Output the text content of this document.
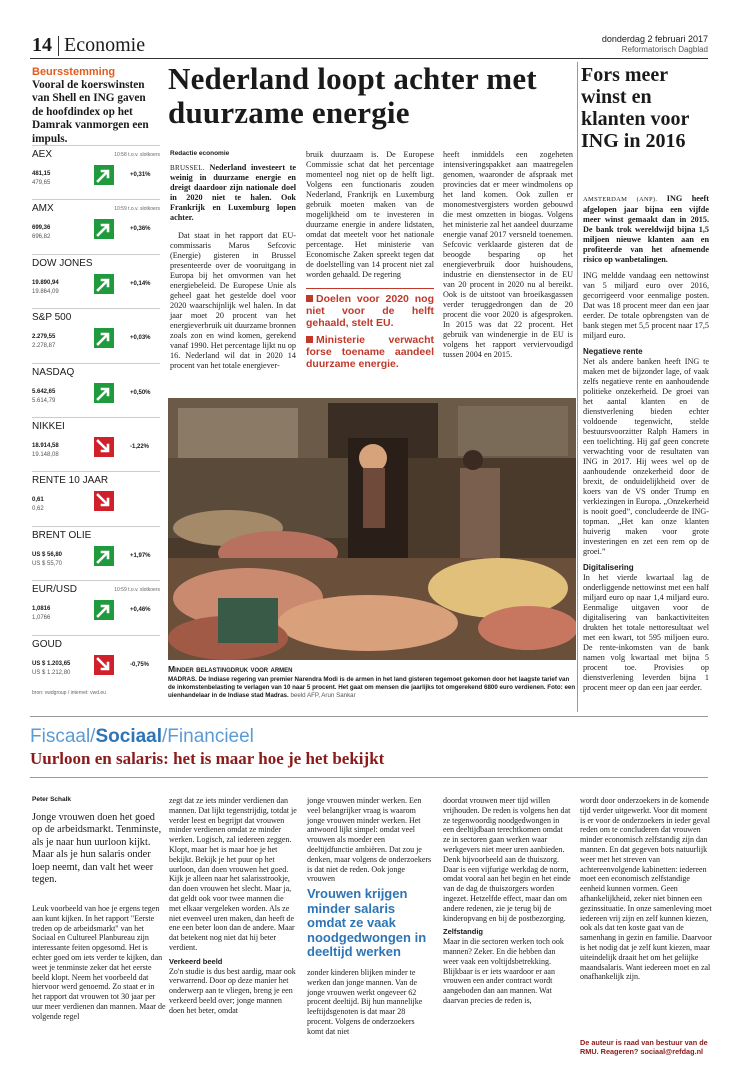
14 Economie	donderdag 2 februari 2017
Reformatorisch Dagblad
Beursstemming
Vooral de koerswinsten van Shell en ING gaven de hoofdindex op het Damrak vanmorgen een impuls.
AEX	10:58 t.o.v. slotkoers
481,15
479,65
+0,31%
AMX	10:59 t.o.v. slotkoers
699,36
696,82
+0,36%
DOW JONES
19.890,94
19.864,09
+0,14%
S&P 500
2.279,55
2.278,87
+0,03%
NASDAQ
5.642,65
5.614,79
+0,50%
NIKKEI
18.914,58
19.148,08
-1,22%
RENTE 10 JAAR
0,61
0,62
BRENT OLIE
US $ 56,80
US $ 55,70
+1,97%
EUR/USD	10:59 t.o.v. slotkoers
1,0816
1,0766
+0,46%
GOUD
US $ 1.203,65
US $ 1.212,80
-0,75%
bron: vwdgroup / internet: vwd.eu
Nederland loopt achter met duurzame energie
Redactie economie

BRUSSEL. Nederland investeert te weinig in duurzame energie en dreigt daardoor zijn nationale doel in 2020 niet te halen. Ook Frankrijk en Luxemburg lopen achter.

Dat staat in het rapport dat EU-commissaris Maros Sefcovic (Energie) gisteren in Brussel presenteerde over de vooruitgang in Europa bij het omvormen van het energiebeleid. De Europese Unie als geheel gaat het gestelde doel voor 2020 waarschijnlijk wel halen. In dat jaar moet 20 procent van het energieverbruik uit duurzame bronnen zoals zon en wind komen, gerekend vanaf 1990. Het percentage lijkt nu op 16. Nederland wil dat in 2020 14 procent van het totale energiever-

bruik duurzaam is. De Europese Commissie schat dat het percentage momenteel nog niet op de helft ligt. Volgens een functionaris zouden Nederland, Frankrijk en Luxemburg gebruik moeten maken van de mogelijkheid om te investeren in duurzame energie in andere lidstaten, omdat dat meetelt voor het nationale percentage. Het ministerie van Economische Zaken spreekt tegen dat de doelstelling van 14 procent niet zal worden gehaald. De regering

Doelen voor 2020 nog niet voor de helft gehaald, stelt EU.
Ministerie verwacht forse toename aandeel duurzame energie.

heeft inmiddels een zogeheten intensiveringspakket aan maatregelen genomen, waaronder de afspraak met provincies dat er meer windmolens op het land komen. Ook zullen er monomestvergisters worden gebouwd die mest omzetten in biogas. Volgens het ministerie zal het aandeel duurzame energie vanaf 2017 versneld toenemen. Sefcovic verklaarde gisteren dat de beoogde besparing op het energieverbruik door huishoudens, industrie en dienstensector in de EU van 20 procent in 2020 nu al bereikt. Ook is de uitstoot van broeikasgassen verder teruggedrongen dan de 20 procent die voor 2020 is afgesproken. In 2015 was dat 22 procent. Het gebruik van windenergie in de EU is volgens het rapport verviervoudigd tussen 2004 en 2015.

Minder belastingdruk voor armen
MADRAS. De Indiase regering van premier Narendra Modi is de armen in het land gisteren tegemoet gekomen door het laagste tarief van de inkomstenbelasting te verlagen van 10 naar 5 procent. Het gaat om mensen die jaarlijks tot omgerekend 6800 euro verdienen. Foto: een uienhandelaar in de Indiase stad Madras. beeld AFP, Arun Sankar
Fors meer winst en klanten voor ING in 2016

AMSTERDAM (ANP). ING heeft afgelopen jaar bijna een vijfde meer winst gemaakt dan in 2015. De bank trok wereldwijd bijna 1,5 miljoen nieuwe klanten aan en profiteerde van het afnemende risico op wanbetalingen.

ING meldde vandaag een nettowinst van 5 miljard euro over 2016, gecorrigeerd voor eenmalige posten. Dat was 18 procent meer dan een jaar eerder. De totale opbrengsten van de bank stegen met 5,5 procent naar 17,5 miljard euro.

Negatieve rente

Net als andere banken heeft ING te maken met de bijzonder lage, of vaak zelfs negatieve rente en aanhoudende politieke onzekerheid. De groei van het aantal klanten en de dienstverlening bieden echter voldoende tegenwicht, stelde bestuursvoorzitter Ralph Hamers in een toelichting. Hij gaf geen concrete verwachting voor de resultaten van ING in 2017. Hij wees wel op de aanhoudende onzekerheid door de brexit, de onduidelijkheid over de koers van de VS onder Trump en verkiezingen in Europa. „Onzekerheid is nooit goed”, concludeerde de ING-topman. „Het kan onze klanten huiverig maken voor grote investeringen en zet een rem op de groei.”

Digitalisering

In het vierde kwartaal lag de onderliggende nettowinst met een half miljard euro op naar 1,4 miljard euro. Eenmalige uitgaven voor de digitalisering van bankactiviteiten drukten het totale nettoresultaat wel met een kwart, tot 595 miljoen euro. De rente-inkomsten van de bank namen volg kwartaal met bijna 5 procent toe. Provisies op dienstverlening leverden bijna 1 procent meer op dan een jaar eerder.

Fiscaal/Sociaal/Financieel
Uurloon en salaris: het is maar hoe je het bekijkt
Peter Schalk
Jonge vrouwen doen het goed op de arbeidsmarkt. Tenminste, als je naar hun uurloon kijkt. Maar als je hun salaris onder loep neemt, dan valt het weer tegen.
Leuk voorbeeld van hoe je ergens tegen aan kunt kijken. In het rapport "Eerste treden op de arbeidsmarkt" van het Sociaal en Cultureel Planbureau zijn interessante feiten opgesomd. Het is echter goed om iets verder te kijken, dan weet je tenminste zeker dat het eerste beeld klopt. Neem het voorbeeld dat hiervoor werd genoemd. Zo staat er in het rapport dat vrouwen tot 30 jaar per uur meer verdienen dan mannen. Maar de volgende regel

zegt dat ze iets minder verdienen dan mannen. Dat lijkt tegenstrijdig, totdat je verder leest en begrijpt dat vrouwen minder verdienen omdat ze minder werken. Logisch, zal iedereen zeggen. Klopt, maar het is maar hoe je het bekijkt. Bekijk je het puur op het uurloon, dan doen vrouwen het goed. Kijk je alleen naar het salarisstrookje, dan doen vrouwen het slecht. Maar ja, dat geldt ook voor twee mannen die met elkaar vergeleken worden. Als ze niet evenveel uren maken, dan heeft de ene een beter loon dan de andere. Maar dat betekent nog niet dat hij beter verdient.

Verkeerd beeld

Zo'n studie is dus best aardig, maar ook verwarrend. Door op deze manier het onderwerp aan te vliegen, breng je een verkeerd beeld over; jonge mannen doen het beter, omdat

jonge vrouwen minder werken. Een veel belangrijker vraag is waarom jonge vrouwen minder werken. Het antwoord lijkt simpel: omdat veel vrouwen als moeder een deeltijdfunctie ambiëren. Dat zou je denken, maar volgens de onderzoekers is dat niet de reden. Ook jonge vrouwen
Vrouwen krijgen minder salaris omdat ze vaak noodgedwongen in deeltijd werken
zonder kinderen blijken minder te werken dan jonge mannen. Van de jonge vrouwen werkt ongeveer 62 procent deeltijd. Bij hun mannelijke leeftijdsgenoten is dat maar 28 procent. Volgens de onderzoekers komt dat niet

doordat vrouwen meer tijd willen vrijhouden. De reden is volgens hen dat ze tegenwoordig noodgedwongen in een deeltijdbaan terechtkomen omdat ze in sectoren gaan werken waar werkgevers niet meer uren aanbieden. Denk bijvoorbeeld aan de thuiszorg. Daar is een vijfurige werkdag de norm, omdat vooral aan het begin en het einde van de dag de thuiszorgers worden ingezet. Hetzelfde effect, maar dan om andere redenen, zie je terug bij de kinderopvang en bij de postbezorging.

Zelfstandig

Maar in die sectoren werken toch ook mannen? Zeker. En die hebben dan weer vaak een voltijdsbetrekking. Blijkbaar is er iets waardoor er aan vrouwen een ander contract wordt aangeboden dan aan mannen. Wat daarvan precies de reden is,

wordt door onderzoekers in de komende tijd verder uitgewerkt. Voor dit moment is er voor de onderzoekers in ieder geval reden om te concluderen dat vrouwen minder economisch zelfstandig zijn dan mannen. En dat gegeven bots natuurlijk weer met het streven van achtereenvolgende kabinetten: iedereen moet een economisch zelfstandige eenheid kunnen vormen. Geen afhankelijkheid, zeker niet binnen een gezinssituatie. In onze samenleving moet iedereen vrij zijn en zelf kunnen kiezen, ook als dat ten koste gaat van de samenhang in gezin en familie. Daarvoor is het nodig dat je zelf kunt kiezen, maar uiteindelijk draait het om het geliijke maandsalaris. Want iedereen moet en zal onafhankelijk zijn.
De auteur is raad van bestuur van de RMU. Reageren? sociaal@refdag.nl
